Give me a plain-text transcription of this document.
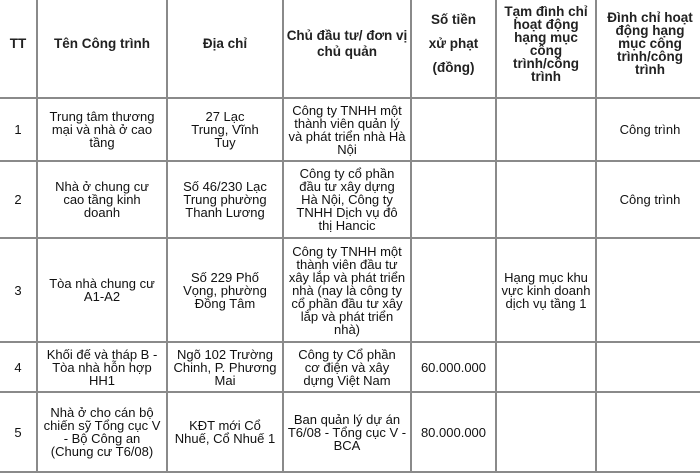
TT	Tên Công trình	Địa chỉ	Chủ đầu tư/ đơn vị chủ quản	Số tiền xử phạt (đồng)	Tạm đình chỉ hoạt động hạng mục công trình/công trình	Đình chỉ hoạt động hạng mục công trình/công trình
1	Trung tâm thương mại và nhà ở cao tầng	27 Lạc Trung, Vĩnh Tuy	Công ty TNHH một thành viên quản lý và phát triển nhà Hà Nội			Công trình
2	Nhà ở chung cư cao tầng kinh doanh	Số 46/230 Lạc Trung phường Thanh Lương	Công ty cổ phần đầu tư xây dựng Hà Nội, Công ty TNHH Dịch vụ đô thị Hancic			Công trình
3	Tòa nhà chung cư A1-A2	Số 229 Phố Vọng, phường Đồng Tâm	Công ty TNHH một thành viên đầu tư xây lắp và phát triển nhà (nay là công ty cổ phần đầu tư xây lắp và phát triển nhà)		Hạng mục khu vực kinh doanh dịch vụ tầng 1	
4	Khối đế và tháp B - Tòa nhà hỗn hợp HH1	Ngõ 102 Trường Chinh, P. Phương Mai	Công ty Cổ phần cơ điện và xây dựng Việt Nam	60.000.000		
5	Nhà ở cho cán bộ chiến sỹ Tổng cục V - Bộ Công an (Chung cư T6/08)	KĐT mới Cổ Nhuế, Cổ Nhuế 1	Ban quản lý dự án T6/08 - Tổng cục V - BCA	80.000.000		
